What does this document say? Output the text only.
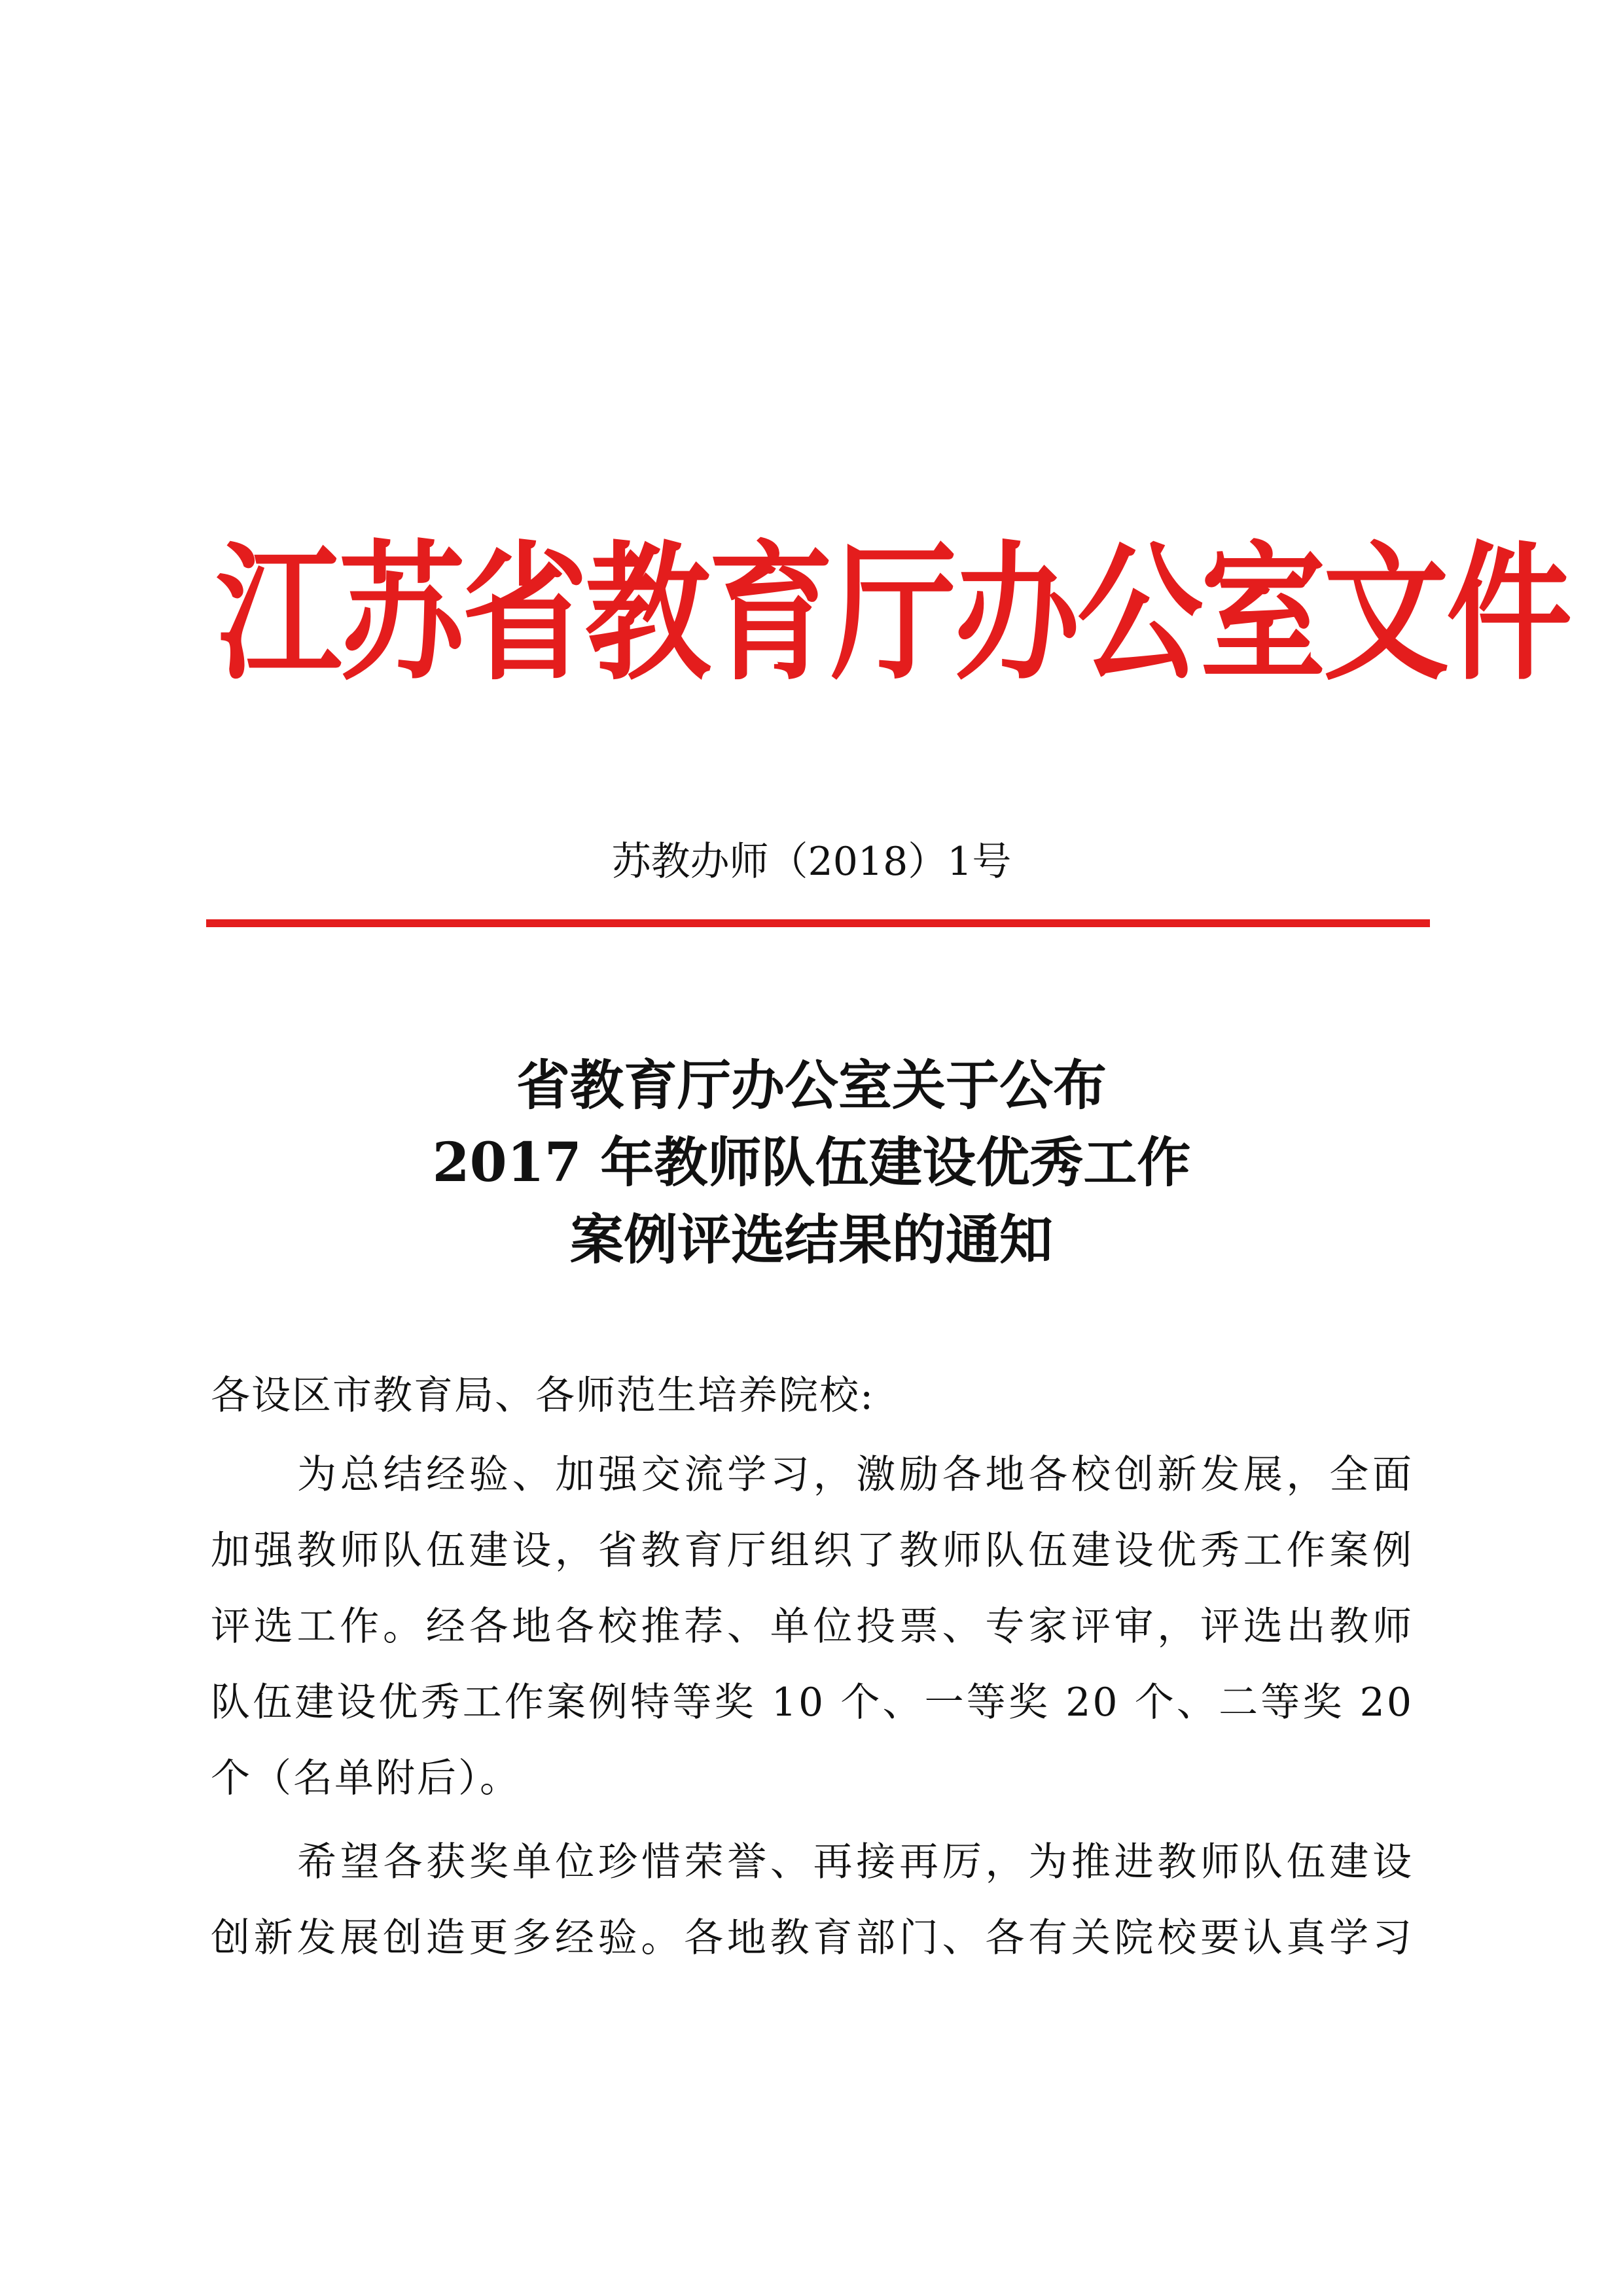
江苏省教育厅办公室文件
苏教办师（2018）1号
省教育厅办公室关于公布
2017 年教师队伍建设优秀工作
案例评选结果的通知
各设区市教育局、各师范生培养院校:
为总结经验、加强交流学习，激励各地各校创新发展，全面
加强教师队伍建设，省教育厅组织了教师队伍建设优秀工作案例
评选工作。经各地各校推荐、单位投票、专家评审，评选出教师
队伍建设优秀工作案例特等奖 10 个、一等奖 20 个、二等奖 20
个（名单附后）。
希望各获奖单位珍惜荣誉、再接再厉，为推进教师队伍建设
创新发展创造更多经验。各地教育部门、各有关院校要认真学习
